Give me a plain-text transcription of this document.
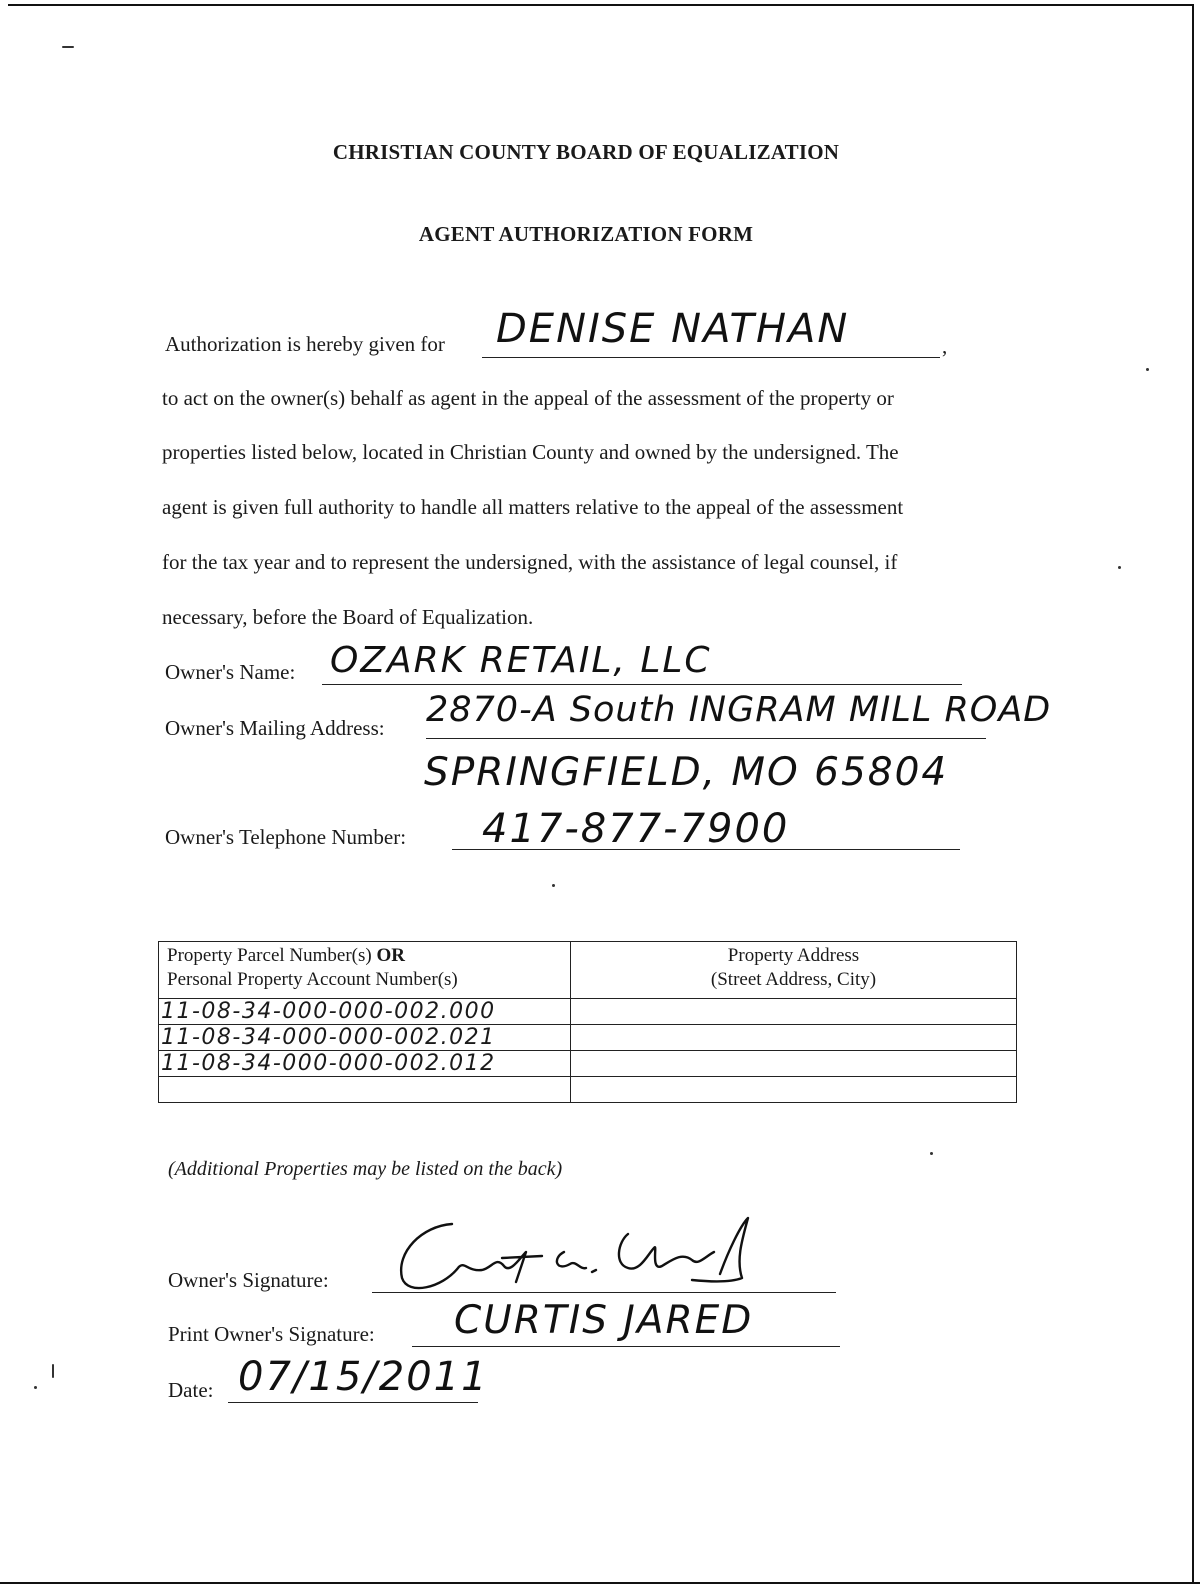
CHRISTIAN COUNTY BOARD OF EQUALIZATION
AGENT AUTHORIZATION FORM
Authorization is hereby given for DENISE NATHAN	,
to act on the owner(s) behalf as agent in the appeal of the assessment of the property or
properties listed below, located in Christian County and owned by the undersigned. The
agent is given full authority to handle all matters relative to the appeal of the assessment
for the tax year and to represent the undersigned, with the assistance of legal counsel, if
necessary, before the Board of Equalization.
Owner's Name: OZARK RETAIL, LLC
Owner's Mailing Address: 2870-A South INGRAM MILL ROAD
SPRINGFIELD, MO 65804
Owner's Telephone Number: 417-877-7900
Property Parcel Number(s) OR
Personal Property Account Number(s)	Property Address
(Street Address, City)
11-08-34-000-000-002.000	
11-08-34-000-000-002.021	
11-08-34-000-000-002.012	

(Additional Properties may be listed on the back)
Owner's Signature:
Print Owner's Signature: CURTIS JARED
Date: 07/15/2011
